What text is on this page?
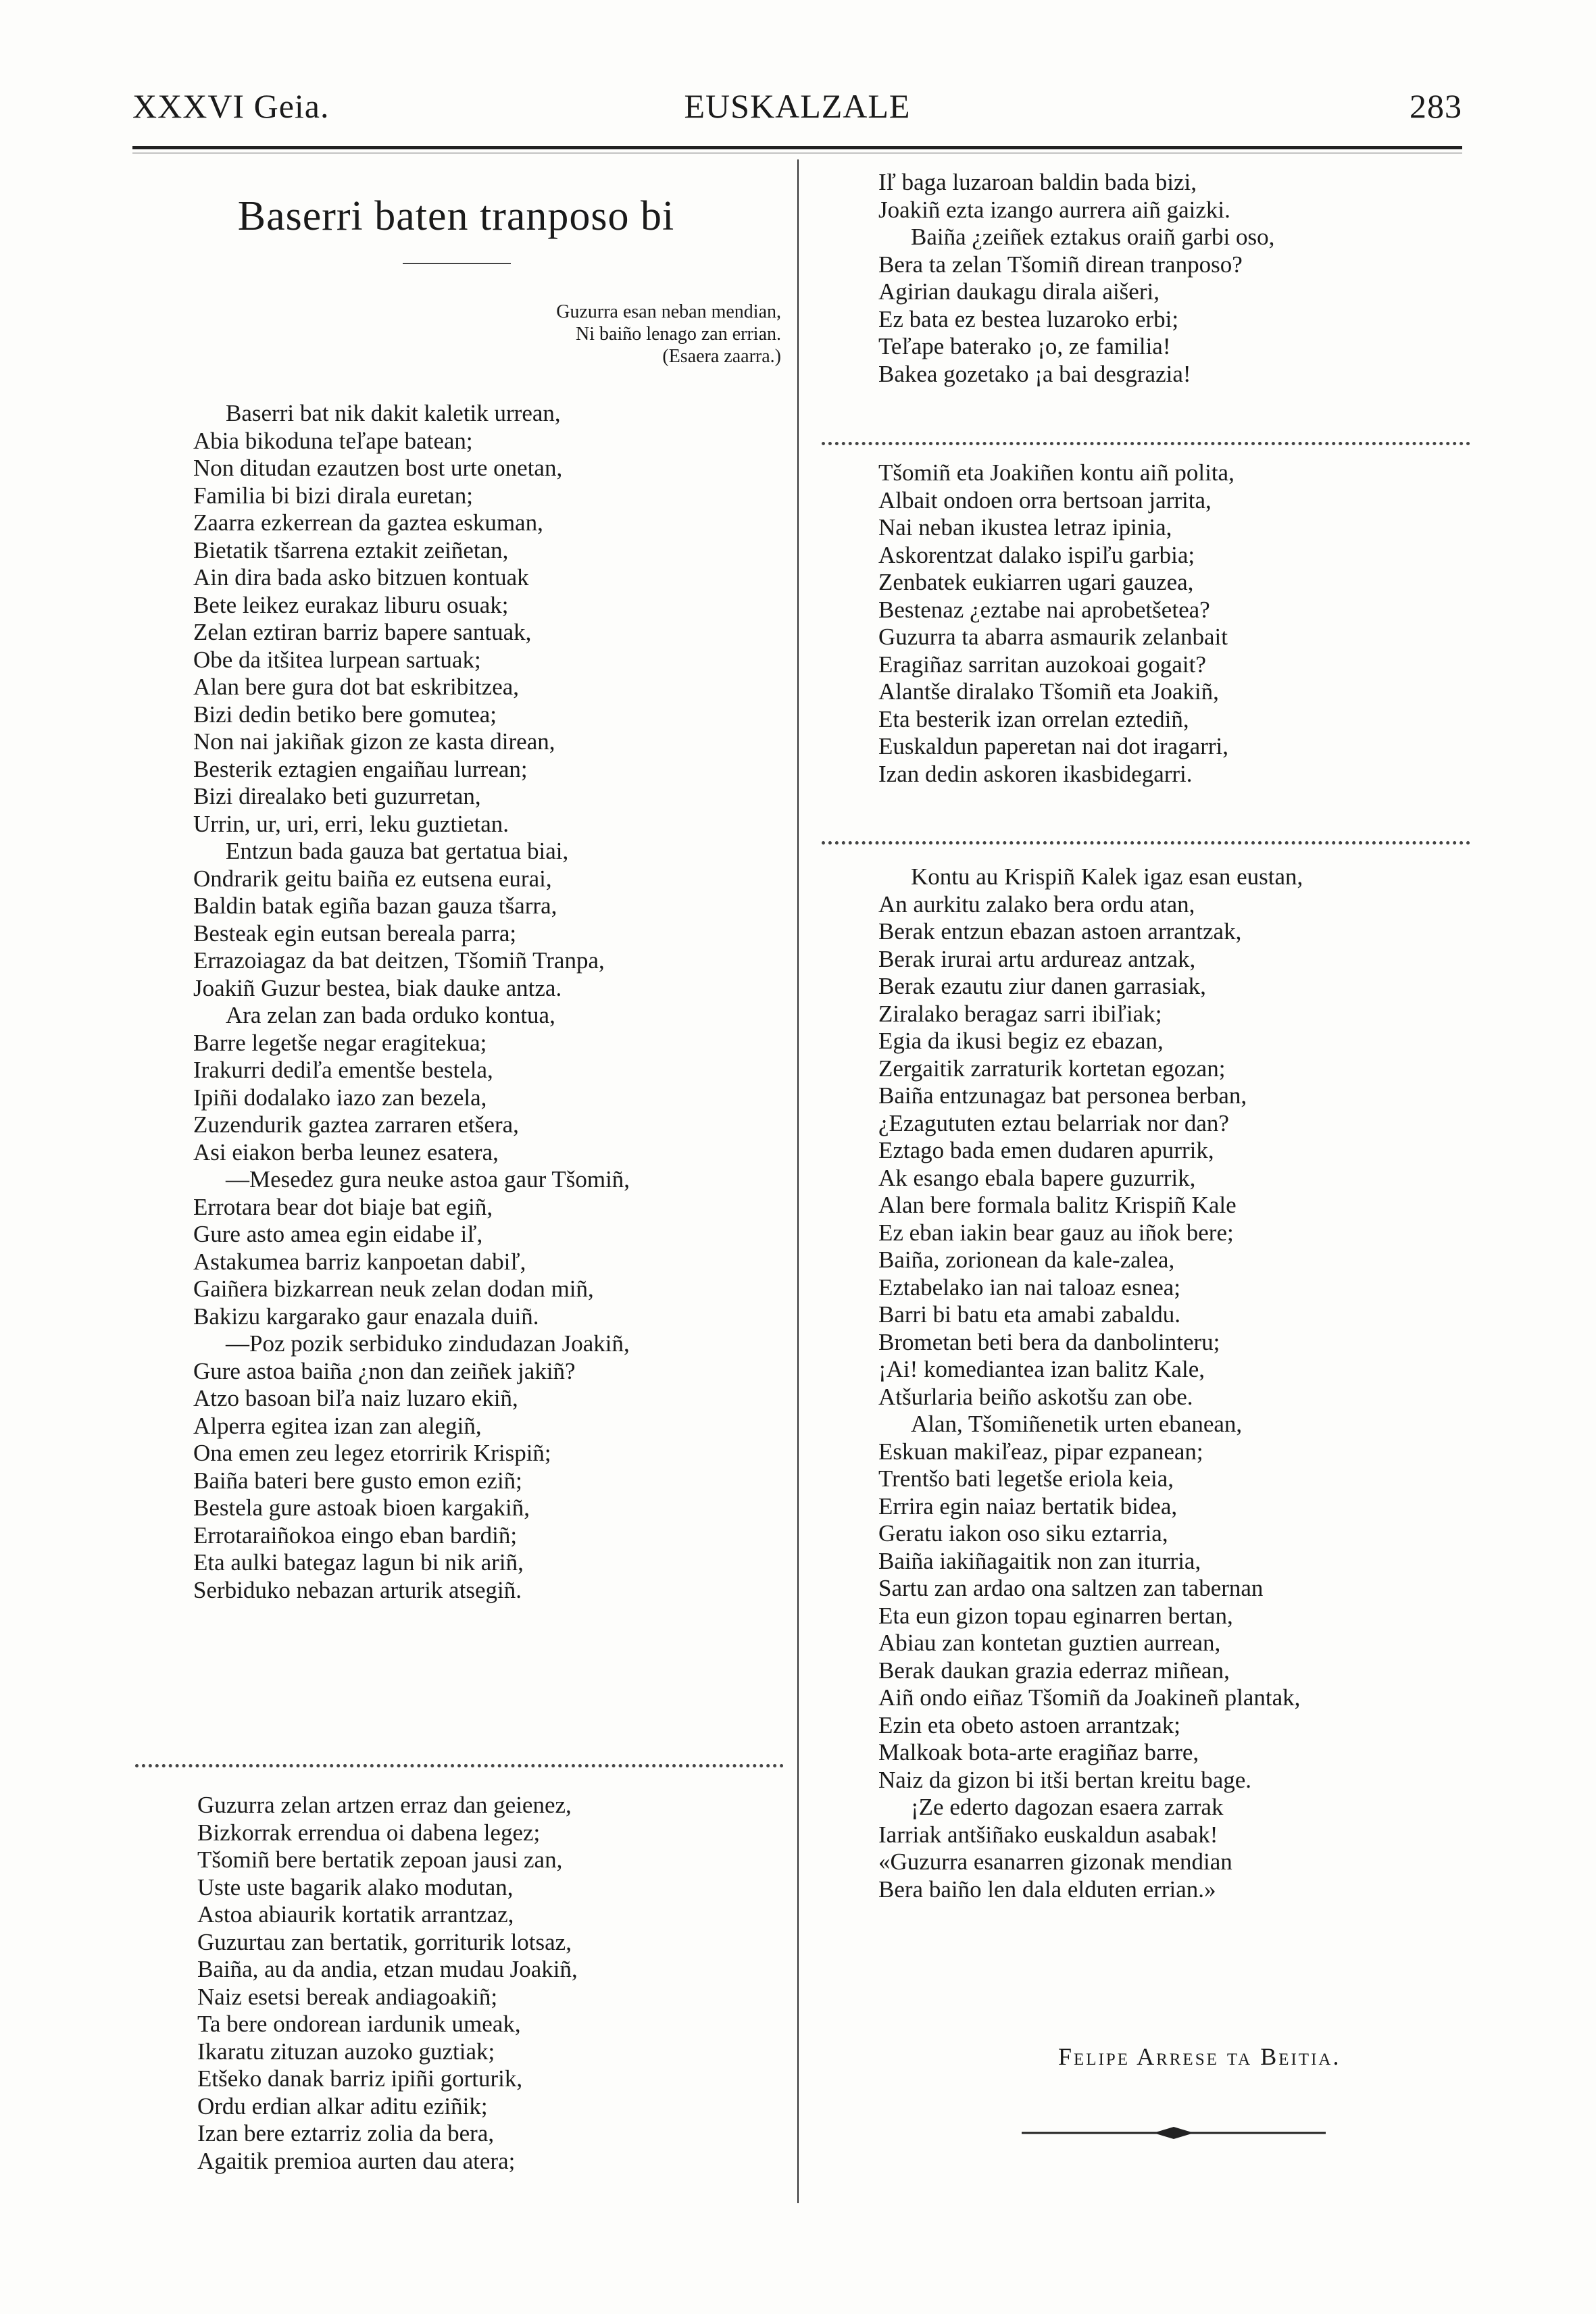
XXXVI Geia.	EUSKALZALE	283
Baserri baten tranposo bi
Guzurra esan neban mendian,
Ni baiño lenago zan errian.
(Esaera zaarra.)
Baserri bat nik dakit kaletik urrean,
Abia bikoduna teľape batean;
Non ditudan ezautzen bost urte onetan,
Familia bi bizi dirala euretan;
Zaarra ezkerrean da gaztea eskuman,
Bietatik tšarrena eztakit zeiñetan,
Ain dira bada asko bitzuen kontuak
Bete leikez eurakaz liburu osuak;
Zelan eztiran barriz bapere santuak,
Obe da itšitea lurpean sartuak;
Alan bere gura dot bat eskribitzea,
Bizi dedin betiko bere gomutea;
Non nai jakiñak gizon ze kasta direan,
Besterik eztagien engaiñau lurrean;
Bizi direalako beti guzurretan,
Urrin, ur, uri, erri, leku guztietan.
Entzun bada gauza bat gertatua biai,
Ondrarik geitu baiña ez eutsena eurai,
Baldin batak egiña bazan gauza tšarra,
Besteak egin eutsan bereala parra;
Errazoiagaz da bat deitzen, Tšomiñ Tranpa,
Joakiñ Guzur bestea, biak dauke antza.
Ara zelan zan bada orduko kontua,
Barre legetše negar eragitekua;
Irakurri dediľa ementše bestela,
Ipiñi dodalako iazo zan bezela,
Zuzendurik gaztea zarraren etšera,
Asi eiakon berba leunez esatera,
—Mesedez gura neuke astoa gaur Tšomiñ,
Errotara bear dot biaje bat egiñ,
Gure asto amea egin eidabe iľ,
Astakumea barriz kanpoetan dabiľ,
Gaiñera bizkarrean neuk zelan dodan miñ,
Bakizu kargarako gaur enazala duiñ.
—Poz pozik serbiduko zindudazan Joakiñ,
Gure astoa baiña ¿non dan zeiñek jakiñ?
Atzo basoan biľa naiz luzaro ekiñ,
Alperra egitea izan zan alegiñ,
Ona emen zeu legez etorririk Krispiñ;
Baiña bateri bere gusto emon eziñ;
Bestela gure astoak bioen kargakiñ,
Errotaraiñokoa eingo eban bardiñ;
Eta aulki bategaz lagun bi nik ariñ,
Serbiduko nebazan arturik atsegiñ.
Guzurra zelan artzen erraz dan geienez,
Bizkorrak errendua oi dabena legez;
Tšomiñ bere bertatik zepoan jausi zan,
Uste uste bagarik alako modutan,
Astoa abiaurik kortatik arrantzaz,
Guzurtau zan bertatik, gorriturik lotsaz,
Baiña, au da andia, etzan mudau Joakiñ,
Naiz esetsi bereak andiagoakiñ;
Ta bere ondorean iardunik umeak,
Ikaratu zituzan auzoko guztiak;
Etšeko danak barriz ipiñi gorturik,
Ordu erdian alkar aditu eziñik;
Izan bere eztarriz zolia da bera,
Agaitik premioa aurten dau atera;
Iľ baga luzaroan baldin bada bizi,
Joakiñ ezta izango aurrera aiñ gaizki.
Baiña ¿zeiñek eztakus oraiñ garbi oso,
Bera ta zelan Tšomiñ direan tranposo?
Agirian daukagu dirala aišeri,
Ez bata ez bestea luzaroko erbi;
Teľape baterako ¡o, ze familia!
Bakea gozetako ¡a bai desgrazia!
Tšomiñ eta Joakiñen kontu aiñ polita,
Albait ondoen orra bertsoan jarrita,
Nai neban ikustea letraz ipinia,
Askorentzat dalako ispiľu garbia;
Zenbatek eukiarren ugari gauzea,
Bestenaz ¿eztabe nai aprobetšetea?
Guzurra ta abarra asmaurik zelanbait
Eragiñaz sarritan auzokoai gogait?
Alantše diralako Tšomiñ eta Joakiñ,
Eta besterik izan orrelan eztediñ,
Euskaldun paperetan nai dot iragarri,
Izan dedin askoren ikasbidegarri.
Kontu au Krispiñ Kalek igaz esan eustan,
An aurkitu zalako bera ordu atan,
Berak entzun ebazan astoen arrantzak,
Berak irurai artu ardureaz antzak,
Berak ezautu ziur danen garrasiak,
Ziralako beragaz sarri ibiľiak;
Egia da ikusi begiz ez ebazan,
Zergaitik zarraturik kortetan egozan;
Baiña entzunagaz bat personea berban,
¿Ezagututen eztau belarriak nor dan?
Eztago bada emen dudaren apurrik,
Ak esango ebala bapere guzurrik,
Alan bere formala balitz Krispiñ Kale
Ez eban iakin bear gauz au iñok bere;
Baiña, zorionean da kale-zalea,
Eztabelako ian nai taloaz esnea;
Barri bi batu eta amabi zabaldu.
Brometan beti bera da danbolinteru;
¡Ai! komediantea izan balitz Kale,
Atšurlaria beiño askotšu zan obe.
Alan, Tšomiñenetik urten ebanean,
Eskuan makiľeaz, pipar ezpanean;
Trentšo bati legetše eriola keia,
Errira egin naiaz bertatik bidea,
Geratu iakon oso siku eztarria,
Baiña iakiñagaitik non zan iturria,
Sartu zan ardao ona saltzen zan tabernan
Eta eun gizon topau eginarren bertan,
Abiau zan kontetan guztien aurrean,
Berak daukan grazia ederraz miñean,
Aiñ ondo eiñaz Tšomiñ da Joakineñ plantak,
Ezin eta obeto astoen arrantzak;
Malkoak bota-arte eragiñaz barre,
Naiz da gizon bi itši bertan kreitu bage.
¡Ze ederto dagozan esaera zarrak
Iarriak antšiñako euskaldun asabak!
«Guzurra esanarren gizonak mendian
Bera baiño len dala elduten errian.»
Felipe Arrese ta Beitia.
